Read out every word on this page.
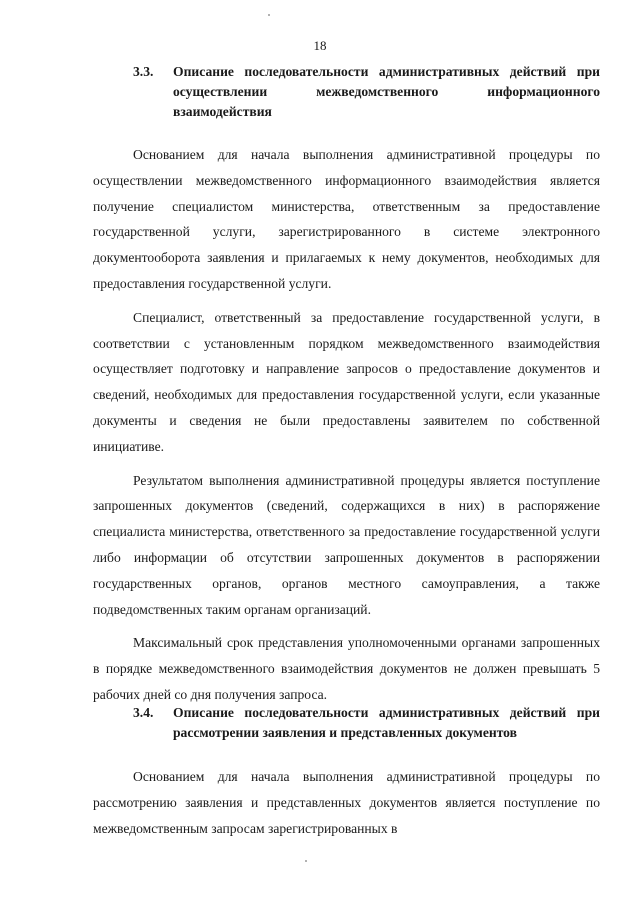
18
3.3.	Описание последовательности административных действий при осуществлении межведомственного информационного взаимодействия

Основанием для начала выполнения административной процедуры по осуществлении межведомственного информационного взаимодействия является получение специалистом министерства, ответственным за предоставление государственной услуги, зарегистрированного в системе электронного документооборота заявления и прилагаемых к нему документов, необходимых для предоставления государственной услуги.

Специалист, ответственный за предоставление государственной услуги, в соответствии с установленным порядком межведомственного взаимодействия осуществляет подготовку и направление запросов о предоставление документов и сведений, необходимых для предоставления государственной услуги, если указанные документы и сведения не были предоставлены заявителем по собственной инициативе.

Результатом выполнения административной процедуры является поступление запрошенных документов (сведений, содержащихся в них) в распоряжение специалиста министерства, ответственного за предоставление государственной услуги либо информации об отсутствии запрошенных документов в распоряжении государственных органов, органов местного самоуправления, а также подведомственных таким органам организаций.

Максимальный срок представления уполномоченными органами запрошенных в порядке межведомственного взаимодействия документов не должен превышать 5 рабочих дней со дня получения запроса.

3.4.	Описание последовательности административных действий при рассмотрении заявления и представленных документов

Основанием для начала выполнения административной процедуры по рассмотрению заявления и представленных документов является поступление по межведомственным запросам зарегистрированных в
